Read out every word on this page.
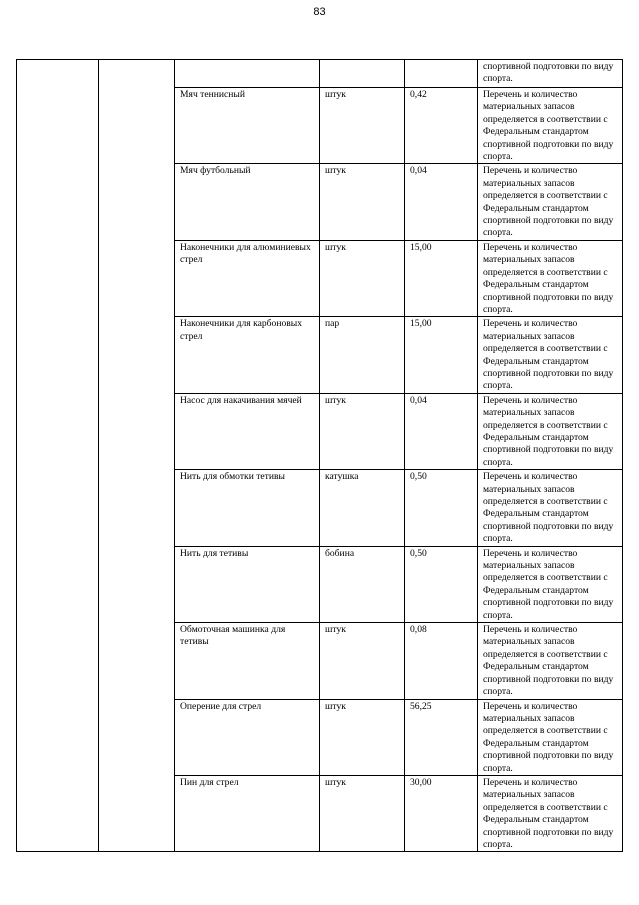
83
					спортивной подготовки по виду спорта.
		Мяч теннисный	штук	0,42	Перечень и количество материальных запасов определяется в соответствии с Федеральным стандартом спортивной подготовки по виду спорта.
		Мяч футбольный	штук	0,04	Перечень и количество материальных запасов определяется в соответствии с Федеральным стандартом спортивной подготовки по виду спорта.
		Наконечники для алюминиевых стрел	штук	15,00	Перечень и количество материальных запасов определяется в соответствии с Федеральным стандартом спортивной подготовки по виду спорта.
		Наконечники для карбоновых стрел	пар	15,00	Перечень и количество материальных запасов определяется в соответствии с Федеральным стандартом спортивной подготовки по виду спорта.
		Насос для накачивания мячей	штук	0,04	Перечень и количество материальных запасов определяется в соответствии с Федеральным стандартом спортивной подготовки по виду спорта.
		Нить для обмотки тетивы	катушка	0,50	Перечень и количество материальных запасов определяется в соответствии с Федеральным стандартом спортивной подготовки по виду спорта.
		Нить для тетивы	бобина	0,50	Перечень и количество материальных запасов определяется в соответствии с Федеральным стандартом спортивной подготовки по виду спорта.
		Обмоточная машинка для тетивы	штук	0,08	Перечень и количество материальных запасов определяется в соответствии с Федеральным стандартом спортивной подготовки по виду спорта.
		Оперение для стрел	штук	56,25	Перечень и количество материальных запасов определяется в соответствии с Федеральным стандартом спортивной подготовки по виду спорта.
		Пин для стрел	штук	30,00	Перечень и количество материальных запасов определяется в соответствии с Федеральным стандартом спортивной подготовки по виду спорта.
